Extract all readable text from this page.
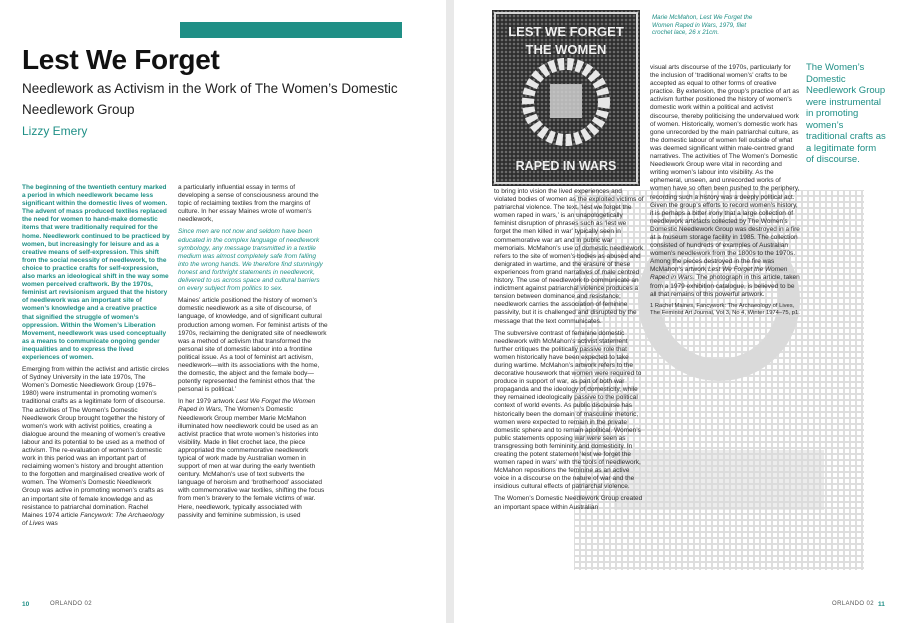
Lest We Forget
Needlework as Activism in the Work of The Women’s Domestic Needlework Group
Lizzy Emery

The beginning of the twentieth century marked a period in which needlework became less significant within the domestic lives of women. The advent of mass produced textiles replaced the need for women to hand-make domestic items that were traditionally required for the home. Needlework continued to be practiced by women, but increasingly for leisure and as a creative means of self-expression. This shift from the social necessity of needlework, to the choice to practice crafts for self-expression, also marks an ideological shift in the way some women perceived craftwork. By the 1970s, feminist art revisionism argued that the history of needlework was an important site of women’s knowledge and a creative practice that signified the struggle of women’s oppression. Within the Women’s Liberation Movement, needlework was used conceptually as a means to communicate ongoing gender inequalities and to express the lived experiences of women.

Emerging from within the activist and artistic circles of Sydney University in the late 1970s, The Women’s Domestic Needlework Group (1976–1980) were instrumental in promoting women’s traditional crafts as a legitimate form of discourse. The activities of The Women’s Domestic Needlework Group brought together the history of women’s work with activist politics, creating a dialogue around the meaning of women’s creative labour and its potential to be used as a method of activism. The re-evaluation of women’s domestic work in this period was an important part of reclaiming women’s history and brought attention to the forgotten and marginalised creative work of women. The Women’s Domestic Needlework Group was active in promoting women’s crafts as an important site of female knowledge and as resistance to patriarchal domination. Rachel Maines 1974 article Fancywork: The Archaeology of Lives was

a particularly influential essay in terms of developing a sense of consciousness around the topic of reclaiming textiles from the margins of culture. In her essay Maines wrote of women’s needlework,

Since men are not now and seldom have been educated in the complex language of needlework symbology, any message transmitted in a textile medium was almost completely safe from falling into the wrong hands. We therefore find stunningly honest and forthright statements in needlework, delivered to us across space and cultural barriers on every subject from politics to sex.

Maines’ article positioned the history of women’s domestic needlework as a site of discourse, of language, of knowledge, and of significant cultural production among women. For feminist artists of the 1970s, reclaiming the denigrated site of needlework was a method of activism that transformed the personal site of domestic labour into a frontline political issue. As a tool of feminist art activism, needlework—with its associations with the home, the domestic, the abject and the female body—potently represented the feminist ethos that ‘the personal is political.’

In her 1979 artwork Lest We Forget the Women Raped in Wars, The Women’s Domestic Needlework Group member Marie McMahon illuminated how needlework could be used as an activist practice that wrote women’s histories into visibility. Made in filet crochet lace, the piece appropriated the commemorative needlework typical of work made by Australian women in support of men at war during the early twentieth century. McMahon’s use of text subverts the language of heroism and ‘brotherhood’ associated with commemorative war textiles, shifting the focus from men’s bravery to the female victims of war. Here, needlework, typically associated with passivity and feminine submission, is used

10	ORLANDO 02
LEST WE FORGET
THE WOMEN
RAPED IN WARS
Marie McMahon, Lest We Forget the Women Raped in Wars, 1979, filet crochet lace, 26 x 21cm.
The Women’s Domestic Needlework Group were instrumental in promoting women’s traditional crafts as a legitimate form of discourse.

to bring into vision the lived experiences and violated bodies of women as the exploited victims of patriarchal violence. The text, ‘lest we forget the women raped in wars,’ is an unapologetically feminist disruption of phrases such as ‘lest we forget the men killed in war’ typically seen in commemorative war art and in public war memorials. McMahon’s use of domestic needlework refers to the site of women’s bodies as abused and denigrated in wartime, and the erasure of these experiences from grand narratives of male centred history. The use of needlework to communicate an indictment against patriarchal violence produces a tension between dominance and resistance; needlework carries the association of feminine passivity, but it is challenged and disrupted by the message that the text communicates.

The subversive contrast of feminine domestic needlework with McMahon’s activist statement further critiques the politically passive role that women historically have been expected to take during wartime. McMahon’s artwork refers to the decorative housework that women were required to produce in support of war, as part of both war propaganda and the ideology of domesticity, while they remained ideologically passive to the political context of world events. As public discourse has historically been the domain of masculine rhetoric, women were expected to remain in the private domestic sphere and to remain apolitical. Women’s public statements opposing war were seen as transgressing both femininity and domesticity. In creating the potent statement ‘lest we forget the women raped in wars’ with the tools of needlework, McMahon repositions the feminine as an active voice in a discourse on the nature of war and the insidious cultural effects of patriarchal violence.

The Women’s Domestic Needlework Group created an important space within Australian

visual arts discourse of the 1970s, particularly for the inclusion of ‘traditional women’s’ crafts to be accepted as equal to other forms of creative practice. By extension, the group’s practice of art as activism further positioned the history of women’s domestic work within a political and activist discourse, thereby politicising the undervalued work of women. Historically, women’s domestic work has gone unrecorded by the main patriarchal culture, as the domestic labour of women fell outside of what was deemed significant within male-centred grand narratives. The activities of The Women’s Domestic Needlework Group were vital in recording and writing women’s labour into visibility. As the ephemeral, unseen, and unrecorded works of women have so often been pushed to the periphery, recording such a history was a deeply political act. Given the group’s efforts to record women’s history, it is perhaps a bitter irony that a large collection of needlework artefacts collected by The Women’s Domestic Needlework Group was destroyed in a fire at a museum storage facility in 1985. The collection consisted of hundreds of examples of Australian women’s needlework from the 1800s to the 1970s. Among the pieces destroyed in the fire was McMahon’s artwork Lest We Forget the Women Raped in Wars. The photograph in this article, taken from a 1979 exhibition catalogue, is believed to be all that remains of this powerful artwork.

1 Rachel Maines, Fancywork: The Archaeology of Lives,
The Feminist Art Journal, Vol 3, No 4, Winter 1974–75, p1.

ORLANDO 02 11
